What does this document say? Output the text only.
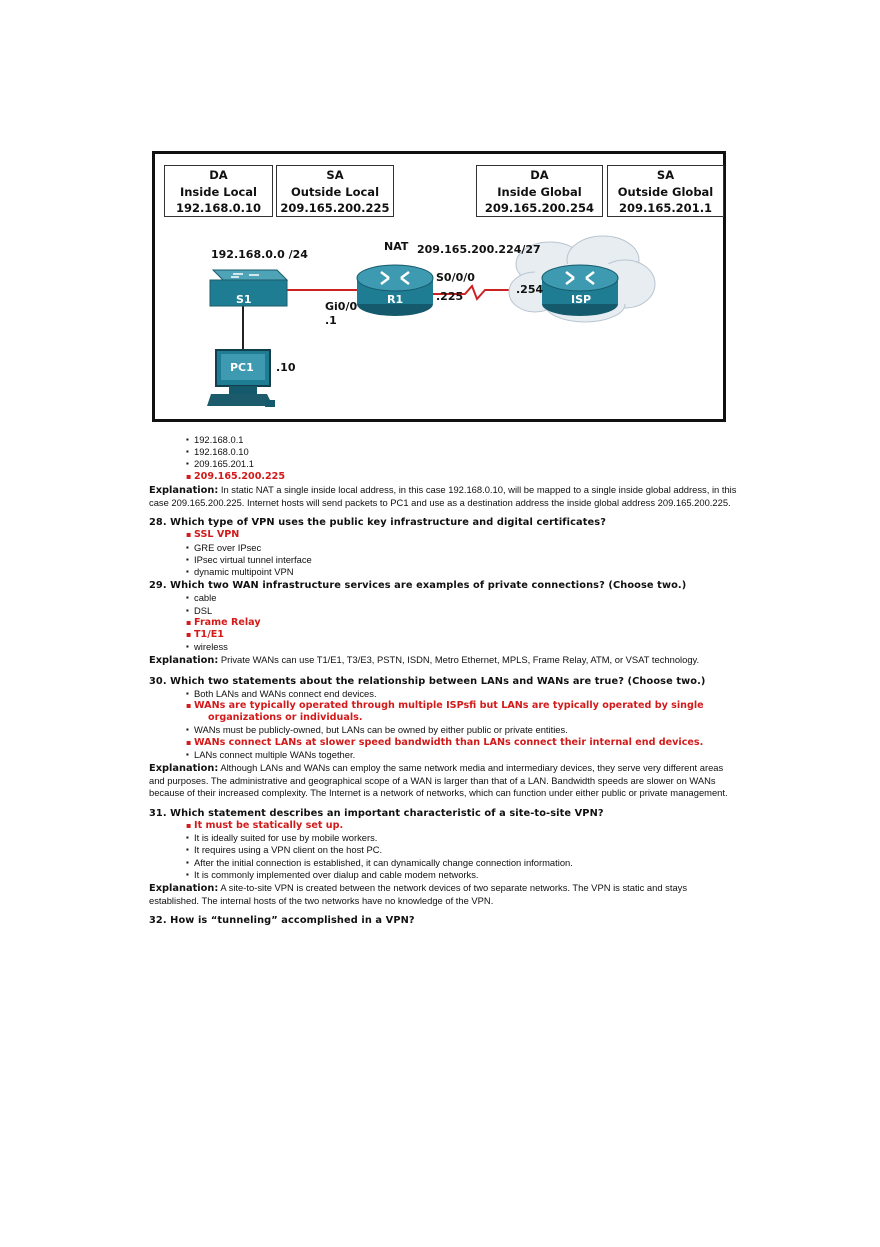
DA
Inside Local
192.168.0.10
SA
Outside Local
209.165.200.225
DA
Inside Global
209.165.200.254
SA
Outside Global
209.165.201.1
192.168.0.0 /24
NAT 209.165.200.224/27
S1	R1	ISP
PC1
S0/0/0
.225
.254
Gi0/0
.1
.10
▪ 192.168.0.1
▪ 192.168.0.10
▪ 209.165.201.1
▪ 209.165.200.225
Explanation: In static NAT a single inside local address, in this case 192.168.0.10, will be mapped to a single inside global address, in this case 209.165.200.225. Internet hosts will send packets to PC1 and use as a destination address the inside global address 209.165.200.225.
28. Which type of VPN uses the public key infrastructure and digital certificates?
▪ SSL VPN
▪ GRE over IPsec
▪ IPsec virtual tunnel interface
▪ dynamic multipoint VPN
29. Which two WAN infrastructure services are examples of private connections? (Choose two.)
▪ cable
▪ DSL
▪ Frame Relay
▪ T1/E1
▪ wireless
Explanation: Private WANs can use T1/E1, T3/E3, PSTN, ISDN, Metro Ethernet, MPLS, Frame Relay, ATM, or VSAT technology.
30. Which two statements about the relationship between LANs and WANs are true? (Choose two.)
▪ Both LANs and WANs connect end devices.
▪ WANs are typically operated through multiple ISPsfi but LANs are typically operated by single
organizations or individuals.
▪ WANs must be publicly-owned, but LANs can be owned by either public or private entities.
▪ WANs connect LANs at slower speed bandwidth than LANs connect their internal end devices.
▪ LANs connect multiple WANs together.
Explanation: Although LANs and WANs can employ the same network media and intermediary devices, they serve very different areas and purposes. The administrative and geographical scope of a WAN is larger than that of a LAN. Bandwidth speeds are slower on WANs because of their increased complexity. The Internet is a network of networks, which can function under either public or private management.
31. Which statement describes an important characteristic of a site-to-site VPN?
▪ It must be statically set up.
▪ It is ideally suited for use by mobile workers.
▪ It requires using a VPN client on the host PC.
▪ After the initial connection is established, it can dynamically change connection information.
▪ It is commonly implemented over dialup and cable modem networks.
Explanation: A site-to-site VPN is created between the network devices of two separate networks. The VPN is static and stays established. The internal hosts of the two networks have no knowledge of the VPN.
32. How is “tunneling” accomplished in a VPN?
